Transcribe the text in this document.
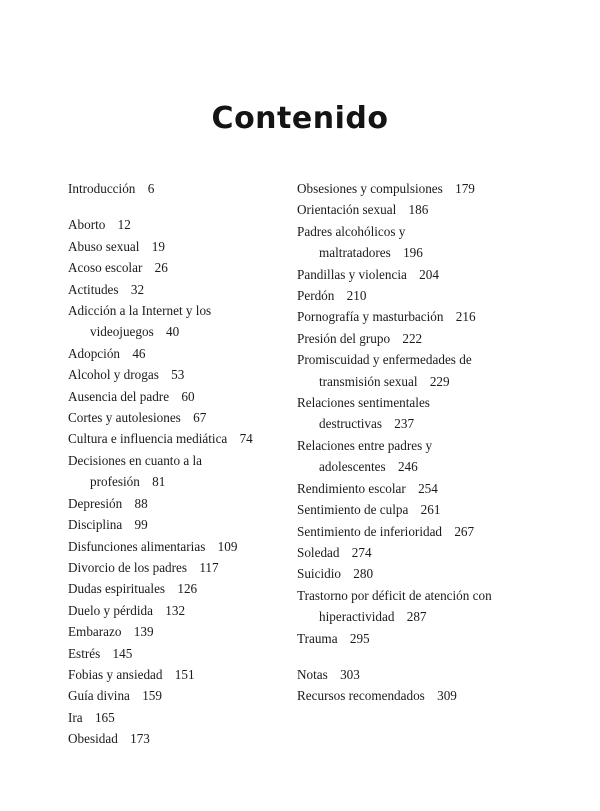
Contenido
Introducción 6
Aborto 12
Abuso sexual 19
Acoso escolar 26
Actitudes 32
Adicción a la Internet y los
videojuegos 40
Adopción 46
Alcohol y drogas 53
Ausencia del padre 60
Cortes y autolesiones 67
Cultura e influencia mediática 74
Decisiones en cuanto a la
profesión 81
Depresión 88
Disciplina 99
Disfunciones alimentarias 109
Divorcio de los padres 117
Dudas espirituales 126
Duelo y pérdida 132
Embarazo 139
Estrés 145
Fobias y ansiedad 151
Guía divina 159
Ira 165
Obesidad 173
Obsesiones y compulsiones 179
Orientación sexual 186
Padres alcohólicos y
maltratadores 196
Pandillas y violencia 204
Perdón 210
Pornografía y masturbación 216
Presión del grupo 222
Promiscuidad y enfermedades de
transmisión sexual 229
Relaciones sentimentales
destructivas 237
Relaciones entre padres y
adolescentes 246
Rendimiento escolar 254
Sentimiento de culpa 261
Sentimiento de inferioridad 267
Soledad 274
Suicidio 280
Trastorno por déficit de atención con
hiperactividad 287
Trauma 295
Notas 303
Recursos recomendados 309
